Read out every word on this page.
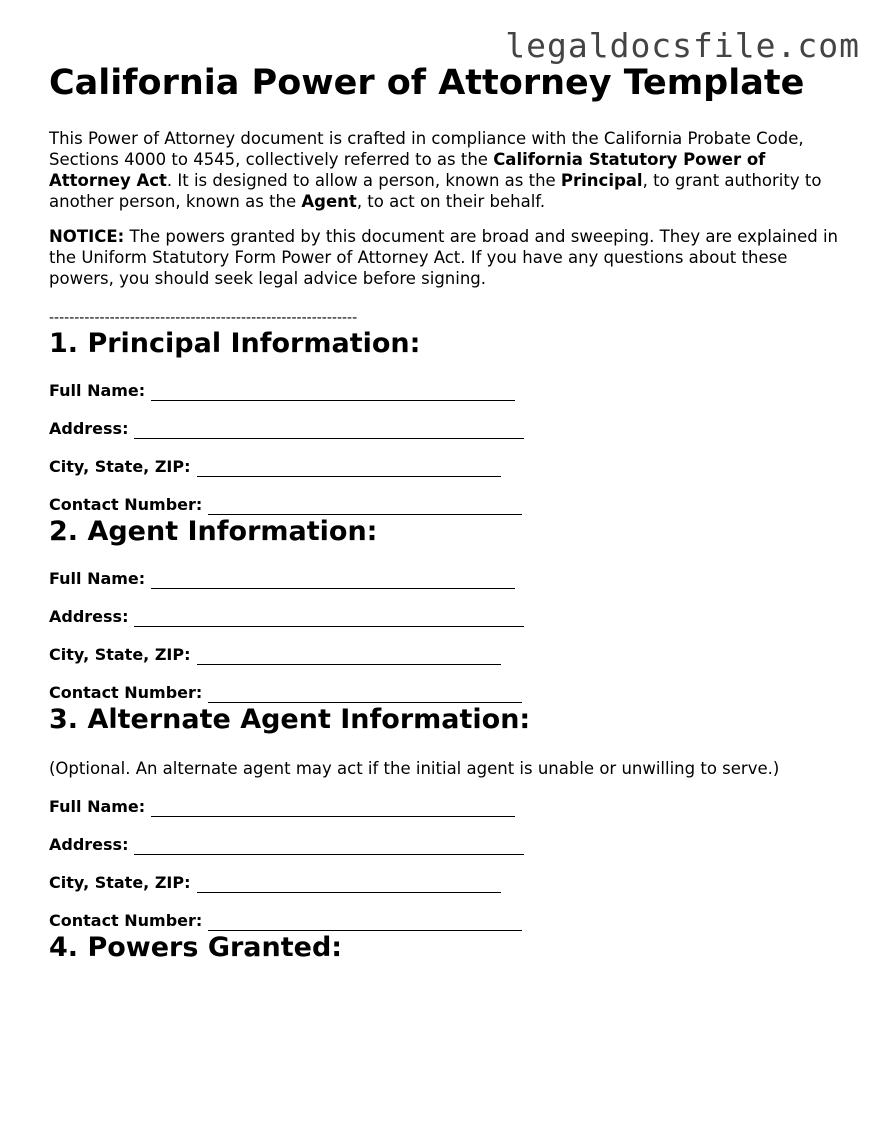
legaldocsfile.com
California Power of Attorney Template

This Power of Attorney document is crafted in compliance with the California Probate Code, Sections 4000 to 4545, collectively referred to as the California Statutory Power of Attorney Act. It is designed to allow a person, known as the Principal, to grant authority to another person, known as the Agent, to act on their behalf.

NOTICE: The powers granted by this document are broad and sweeping. They are explained in the Uniform Statutory Form Power of Attorney Act. If you have any questions about these powers, you should seek legal advice before signing.

-------------------------------------------------------------
1. Principal Information:
Full Name:
Address:
City, State, ZIP:
Contact Number:
2. Agent Information:
Full Name:
Address:
City, State, ZIP:
Contact Number:
3. Alternate Agent Information:

(Optional. An alternate agent may act if the initial agent is unable or unwilling to serve.)

Full Name:
Address:
City, State, ZIP:
Contact Number:
4. Powers Granted:
